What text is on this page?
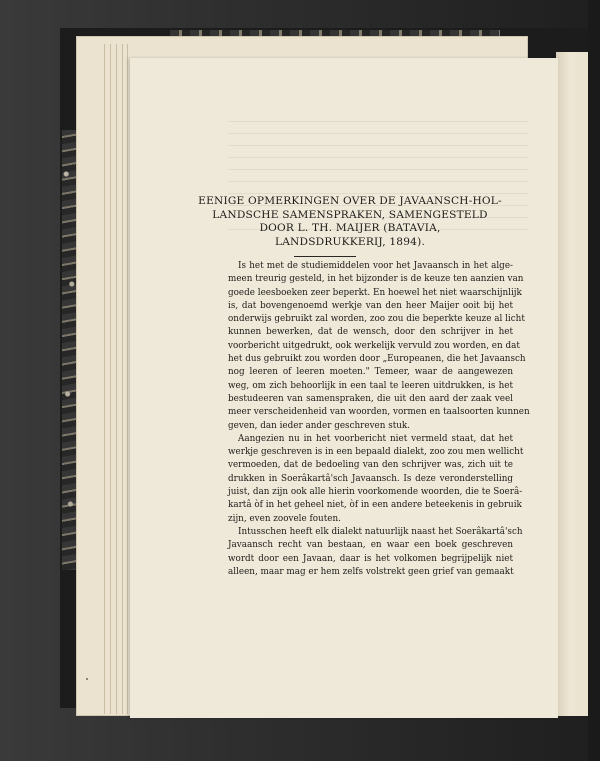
EENIGE OPMERKINGEN OVER DE JAVAANSCH-HOL-
LANDSCHE SAMENSPRAKEN, SAMENGESTELD
DOOR L. TH. MAIJER (BATAVIA,
LANDSDRUKKERIJ, 1894).

Is het met de studiemiddelen voor het Javaansch in het alge-
meen treurig gesteld, in het bijzonder is de keuze ten aanzien van
goede leesboeken zeer beperkt. En hoewel het niet waarschijnlijk
is, dat bovengenoemd werkje van den heer Maijer ooit bij het
onderwijs gebruikt zal worden, zoo zou die beperkte keuze al licht
kunnen bewerken, dat de wensch, door den schrijver in het
voorbericht uitgedrukt, ook werkelijk vervuld zou worden, en dat
het dus gebruikt zou worden door „Europeanen, die het Javaansch
nog leeren of leeren moeten." Temeer, waar de aangewezen
weg, om zich behoorlijk in een taal te leeren uitdrukken, is het
bestudeeren van samenspraken, die uit den aard der zaak veel
meer verscheidenheid van woorden, vormen en taalsoorten kunnen
geven, dan ieder ander geschreven stuk.

Aangezien nu in het voorbericht niet vermeld staat, dat het
werkje geschreven is in een bepaald dialekt, zoo zou men wellicht
vermoeden, dat de bedoeling van den schrijver was, zich uit te
drukken in Soerâkartâ'sch Javaansch. Is deze veronderstelling
juist, dan zijn ook alle hierin voorkomende woorden, die te Soerâ-
kartâ òf in het geheel niet, òf in een andere beteekenis in gebruik
zijn, even zoovele fouten.

Intusschen heeft elk dialekt natuurlijk naast het Soerâkartâ'sch
Javaansch recht van bestaan, en waar een boek geschreven
wordt door een Javaan, daar is het volkomen begrijpelijk niet
alleen, maar mag er hem zelfs volstrekt geen grief van gemaakt
